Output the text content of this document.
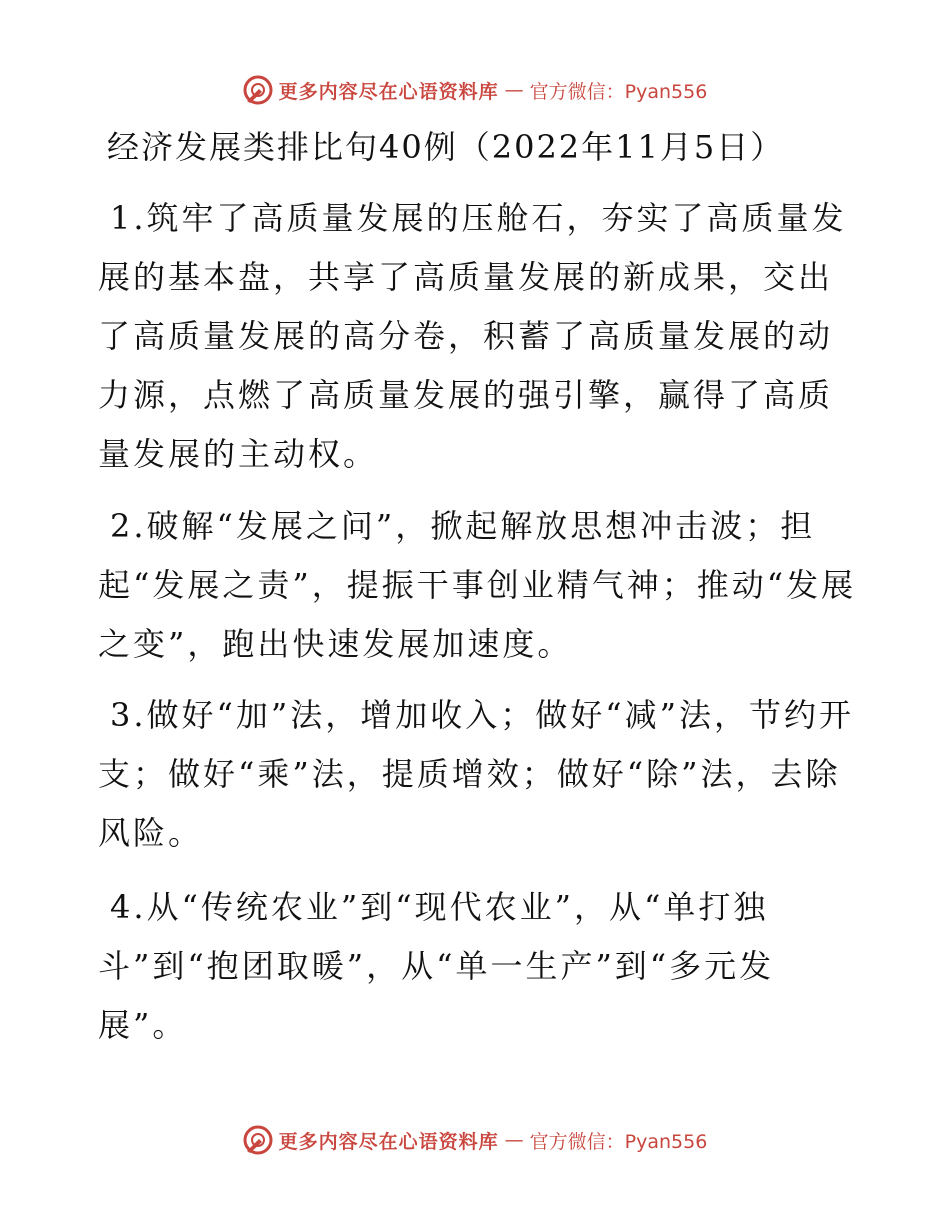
更多内容尽在心语资料库 — 官方微信：Pyan556
经济发展类排比句40例（2022年11月5日）

1.筑牢了高质量发展的压舱石，夯实了高质量发展的基本盘，共享了高质量发展的新成果，交出了高质量发展的高分卷，积蓄了高质量发展的动力源，点燃了高质量发展的强引擎，赢得了高质量发展的主动权。

2.破解“发展之问”，掀起解放思想冲击波；担起“发展之责”，提振干事创业精气神；推动“发展之变”，跑出快速发展加速度。

3.做好“加”法，增加收入；做好“减”法，节约开支；做好“乘”法，提质增效；做好“除”法，去除风险。

4.从“传统农业”到“现代农业”，从“单打独斗”到“抱团取暖”，从“单一生产”到“多元发展”。

更多内容尽在心语资料库 — 官方微信：Pyan556
